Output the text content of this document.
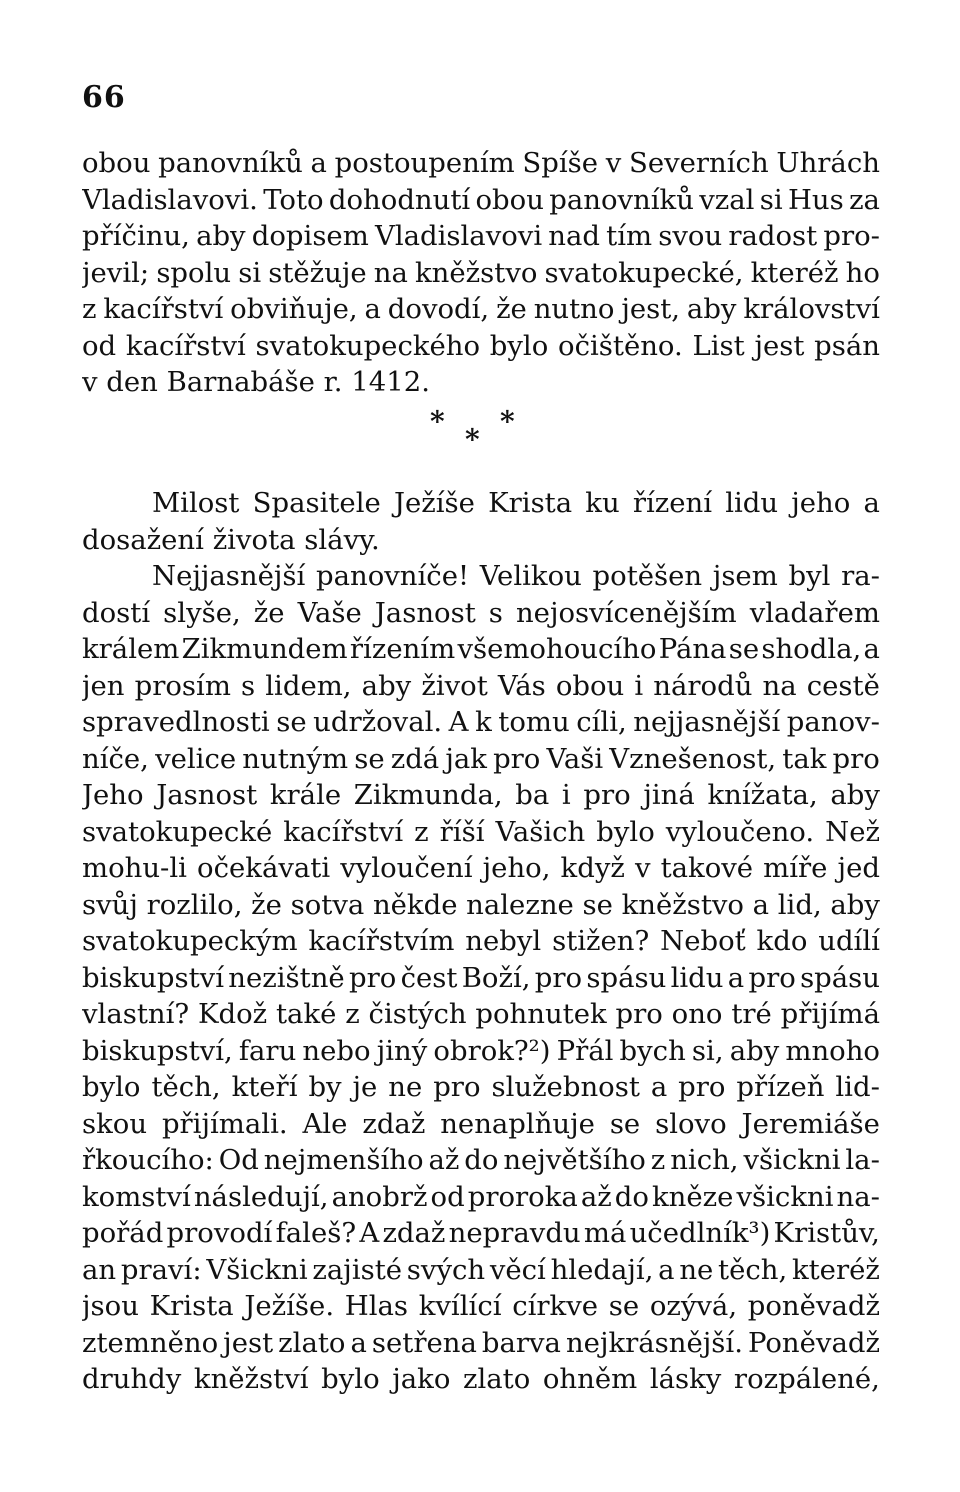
66
obou panovníků a postoupením Spíše v Severních Uhrách
Vladislavovi. Toto dohodnutí obou panovníků vzal si Hus za
příčinu, aby dopisem Vladislavovi nad tím svou radost pro-
jevil; spolu si stěžuje na kněžstvo svatokupecké, kteréž ho
z kacířství obviňuje, a dovodí, že nutno jest, aby království
od kacířství svatokupeckého bylo očištěno. List jest psán
v
den
Barnabáše
r.
1412.
*
*
*
Milost Spasitele Ježíše Krista ku řízení lidu jeho a
dosažení
života
slávy.
Nejjasnější panovníče! Velikou potěšen jsem byl ra-
dostí slyše, že Vaše Jasnost s nejosvícenějším vladařem
králem Zikmundem řízením všemohoucího Pána se shodla, a
jen prosím s lidem, aby život Vás obou i národů na cestě
spravedlnosti se udržoval. A k tomu cíli, nejjasnější panov-
níče, velice nutným se zdá jak pro Vaši Vznešenost, tak pro
Jeho Jasnost krále Zikmunda, ba i pro jiná knížata, aby
svatokupecké kacířství z říší Vašich bylo vyloučeno. Než
mohu-li očekávati vyloučení jeho, když v takové míře jed
svůj rozlilo, že sotva někde nalezne se kněžstvo a lid, aby
svatokupeckým kacířstvím nebyl stižen? Neboť kdo udílí
biskupství nezištně pro čest Boží, pro spásu lidu a pro spásu
vlastní? Kdož také z čistých pohnutek pro ono tré přijímá
biskupství, faru nebo jiný obrok?²) Přál bych si, aby mnoho
bylo těch, kteří by je ne pro služebnost a pro přízeň lid-
skou přijímali. Ale zdaž nenaplňuje se slovo Jeremiáše
řkoucího: Od nejmenšího až do největšího z nich, všickni la-
komství následují, anobrž od proroka až do kněze všickni na-
pořád provodí faleš? A zdaž nepravdu má učedlník³) Kristův,
an praví: Všickni zajisté svých věcí hledají, a ne těch, kteréž
jsou Krista Ježíše. Hlas kvílící církve se ozývá, poněvadž
ztemněno jest zlato a setřena barva nejkrásnější. Poněvadž
druhdy kněžství bylo jako zlato ohněm lásky rozpálené,
